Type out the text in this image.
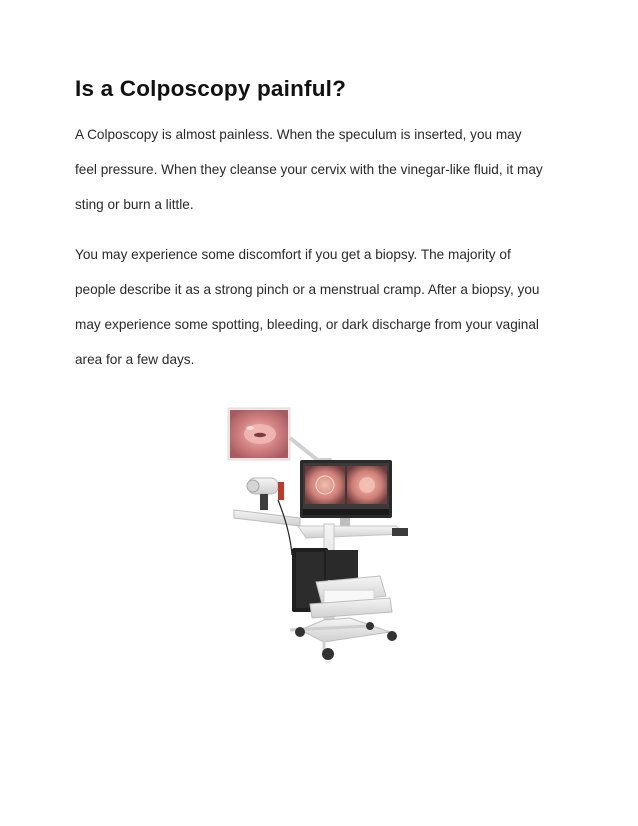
Is a Colposcopy painful?

A Colposcopy is almost painless. When the speculum is inserted, you may
feel pressure. When they cleanse your cervix with the vinegar-like fluid, it may
sting or burn a little.

You may experience some discomfort if you get a biopsy. The majority of
people describe it as a strong pinch or a menstrual cramp. After a biopsy, you
may experience some spotting, bleeding, or dark discharge from your vaginal
area for a few days.
